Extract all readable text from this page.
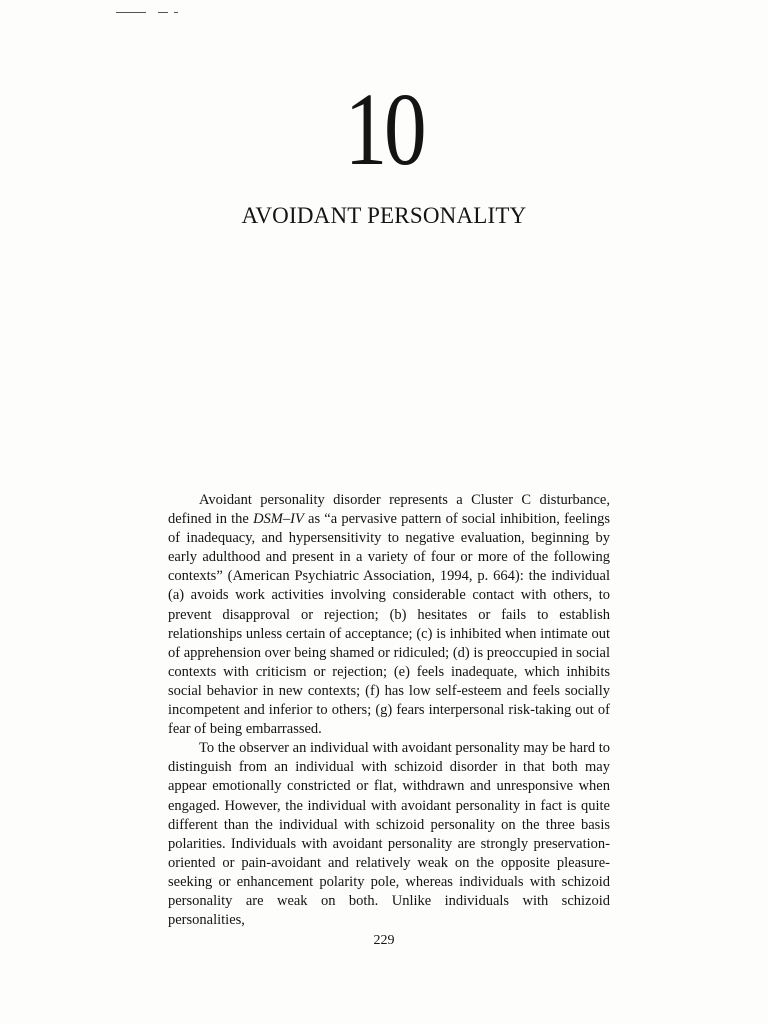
10
AVOIDANT PERSONALITY

Avoidant personality disorder represents a Cluster C disturbance, defined in the DSM–IV as “a pervasive pattern of social inhibition, feelings of inadequacy, and hypersensitivity to negative evaluation, beginning by early adulthood and present in a variety of four or more of the following contexts” (American Psychiatric Association, 1994, p. 664): the individual (a) avoids work activities involving considerable contact with others, to prevent disapproval or rejection; (b) hesitates or fails to establish relationships unless certain of acceptance; (c) is inhibited when intimate out of apprehension over being shamed or ridiculed; (d) is preoccupied in social contexts with criticism or rejection; (e) feels inadequate, which inhibits social behavior in new contexts; (f) has low self-esteem and feels socially incompetent and inferior to others; (g) fears interpersonal risk-taking out of fear of being embarrassed.

To the observer an individual with avoidant personality may be hard to distinguish from an individual with schizoid disorder in that both may appear emotionally constricted or flat, withdrawn and unresponsive when engaged. However, the individual with avoidant personality in fact is quite different than the individual with schizoid personality on the three basis polarities. Individuals with avoidant personality are strongly preservation-oriented or pain-avoidant and relatively weak on the opposite pleasure-seeking or enhancement polarity pole, whereas individuals with schizoid personality are weak on both. Unlike individuals with schizoid personalities,

229
